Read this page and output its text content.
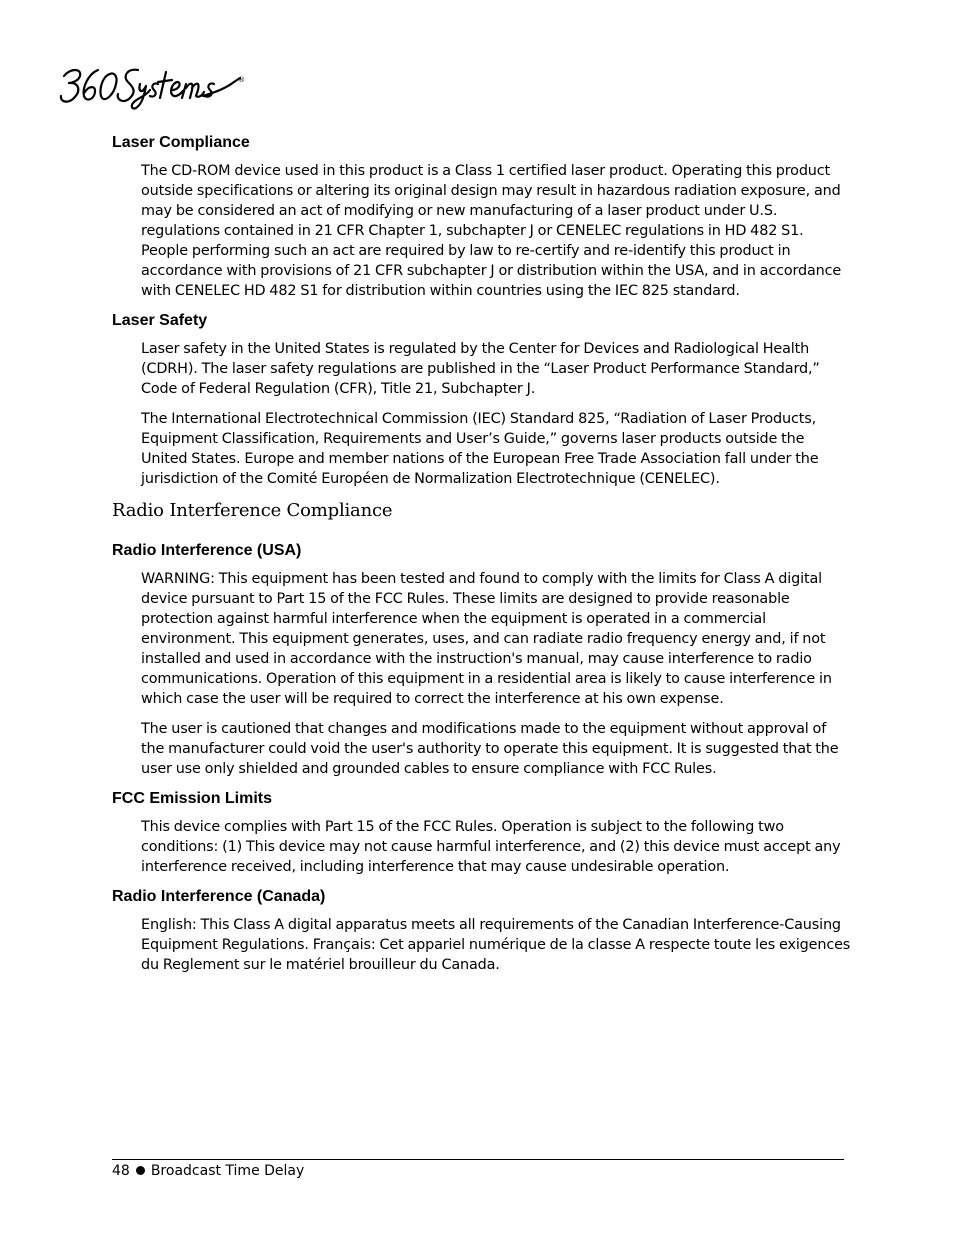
®
Laser Compliance

The CD-ROM device used in this product is a Class 1 certified laser product. Operating this product outside specifications or altering its original design may result in hazardous radiation exposure, and may be considered an act of modifying or new manufacturing of a laser product under U.S. regulations contained in 21 CFR Chapter 1, subchapter J or CENELEC regulations in HD 482 S1. People performing such an act are required by law to re-certify and re-identify this product in accordance with provisions of 21 CFR subchapter J or distribution within the USA, and in accordance with CENELEC HD 482 S1 for distribution within countries using the IEC 825 standard.

Laser Safety

Laser safety in the United States is regulated by the Center for Devices and Radiological Health (CDRH). The laser safety regulations are published in the “Laser Product Performance Standard,” Code of Federal Regulation (CFR), Title 21, Subchapter J.

The International Electrotechnical Commission (IEC) Standard 825, “Radiation of Laser Products, Equipment Classification, Requirements and User’s Guide,” governs laser products outside the United States. Europe and member nations of the European Free Trade Association fall under the jurisdiction of the Comité Européen de Normalization Electrotechnique (CENELEC).

Radio Interference Compliance
Radio Interference (USA)

WARNING: This equipment has been tested and found to comply with the limits for Class A digital device pursuant to Part 15 of the FCC Rules. These limits are designed to provide reasonable protection against harmful interference when the equipment is operated in a commercial environment. This equipment generates, uses, and can radiate radio frequency energy and, if not installed and used in accordance with the instruction's manual, may cause interference to radio communications. Operation of this equipment in a residential area is likely to cause interference in which case the user will be required to correct the interference at his own expense.

The user is cautioned that changes and modifications made to the equipment without approval of the manufacturer could void the user's authority to operate this equipment. It is suggested that the user use only shielded and grounded cables to ensure compliance with FCC Rules.

FCC Emission Limits

This device complies with Part 15 of the FCC Rules. Operation is subject to the following two conditions: (1) This device may not cause harmful interference, and (2) this device must accept any interference received, including interference that may cause undesirable operation.

Radio Interference (Canada)

English: This Class A digital apparatus meets all requirements of the Canadian Interference-Causing Equipment Regulations. Français: Cet appariel numérique de la classe A respecte toute les exigences du Reglement sur le matériel brouilleur du Canada.

48 Broadcast Time Delay
